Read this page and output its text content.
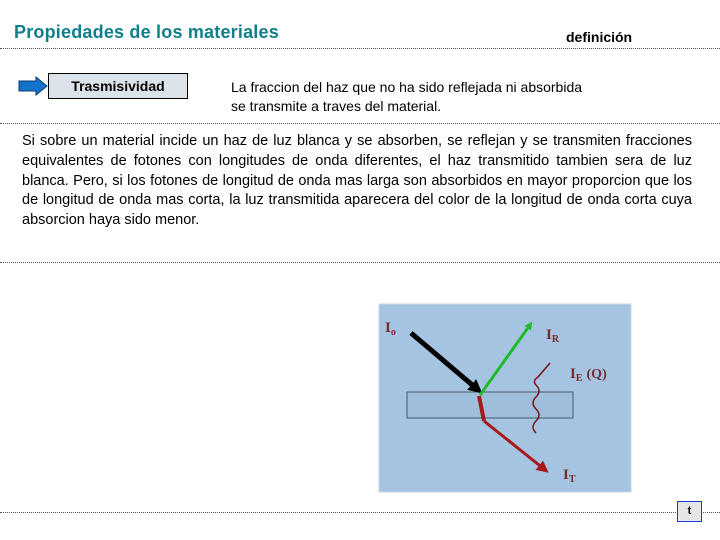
Propiedades de los materiales	definición
Trasmisividad	La fraccion del haz que no ha sido reflejada ni absorbida
se transmite a traves del material.
Si sobre un material incide un haz de luz blanca y se absorben, se reflejan y se transmiten fracciones equivalentes de fotones con longitudes de onda diferentes, el haz transmitido tambien sera de luz blanca. Pero, si los fotones de longitud de onda mas larga son absorbidos en mayor proporcion que los de longitud de onda mas corta, la luz transmitida aparecera del color de la longitud de onda corta cuya absorcion haya sido menor.
$I_o$	$I_R$
$I_E$ (Q)
$I_T$
t
